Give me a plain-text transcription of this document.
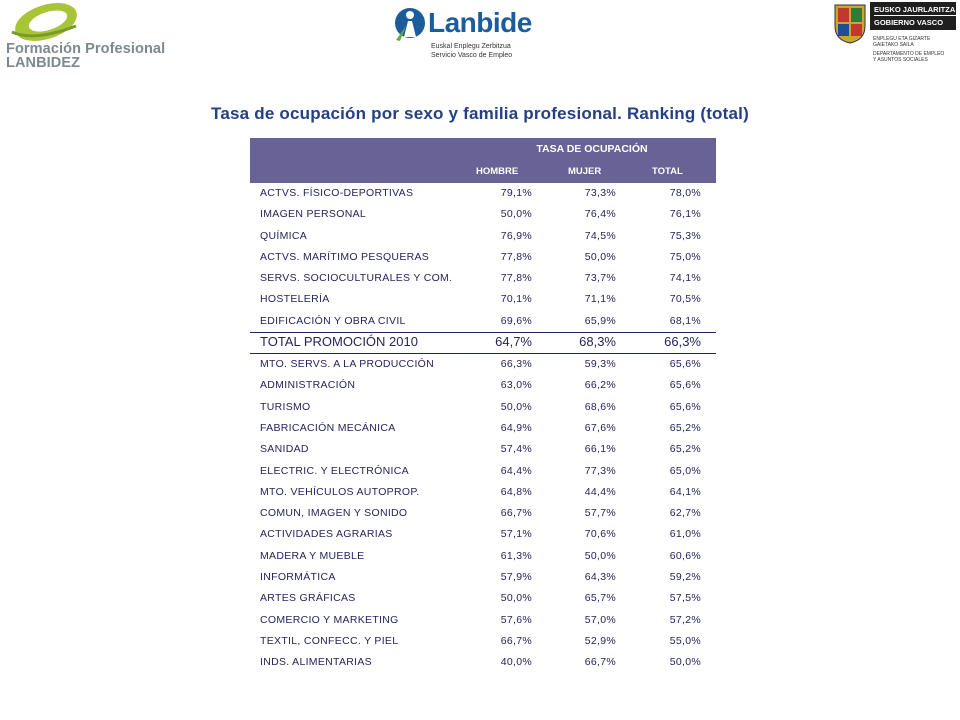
Formación Profesional
LANBIDEZ
Lanbide
Euskal Enplegu Zerbitzua
Servicio Vasco de Empleo
EUSKO JAURLARITZA
GOBIERNO VASCO
ENPLEGU ETA GIZARTE
GAIETAKO SAILA
DEPARTAMENTO DE EMPLEO
Y ASUNTOS SOCIALES
Tasa de ocupación por sexo y familia profesional. Ranking (total)
TASA DE OCUPACIÓN
HOMBRE	MUJER	TOTAL
ACTVS. FÍSICO-DEPORTIVAS	79,1%	73,3%	78,0%
IMAGEN PERSONAL	50,0%	76,4%	76,1%
QUÍMICA	76,9%	74,5%	75,3%
ACTVS. MARÍTIMO PESQUERAS	77,8%	50,0%	75,0%
SERVS. SOCIOCULTURALES Y COM.	77,8%	73,7%	74,1%
HOSTELERÍA	70,1%	71,1%	70,5%
EDIFICACIÓN Y OBRA CIVIL	69,6%	65,9%	68,1%
TOTAL PROMOCIÓN 2010	64,7%	68,3%	66,3%
MTO. SERVS. A LA PRODUCCIÓN	66,3%	59,3%	65,6%
ADMINISTRACIÓN	63,0%	66,2%	65,6%
TURISMO	50,0%	68,6%	65,6%
FABRICACIÓN MECÁNICA	64,9%	67,6%	65,2%
SANIDAD	57,4%	66,1%	65,2%
ELECTRIC. Y ELECTRÓNICA	64,4%	77,3%	65,0%
MTO. VEHÍCULOS AUTOPROP.	64,8%	44,4%	64,1%
COMUN, IMAGEN Y SONIDO	66,7%	57,7%	62,7%
ACTIVIDADES AGRARIAS	57,1%	70,6%	61,0%
MADERA Y MUEBLE	61,3%	50,0%	60,6%
INFORMÁTICA	57,9%	64,3%	59,2%
ARTES GRÁFICAS	50,0%	65,7%	57,5%
COMERCIO Y MARKETING	57,6%	57,0%	57,2%
TEXTIL, CONFECC. Y PIEL	66,7%	52,9%	55,0%
INDS. ALIMENTARIAS	40,0%	66,7%	50,0%
